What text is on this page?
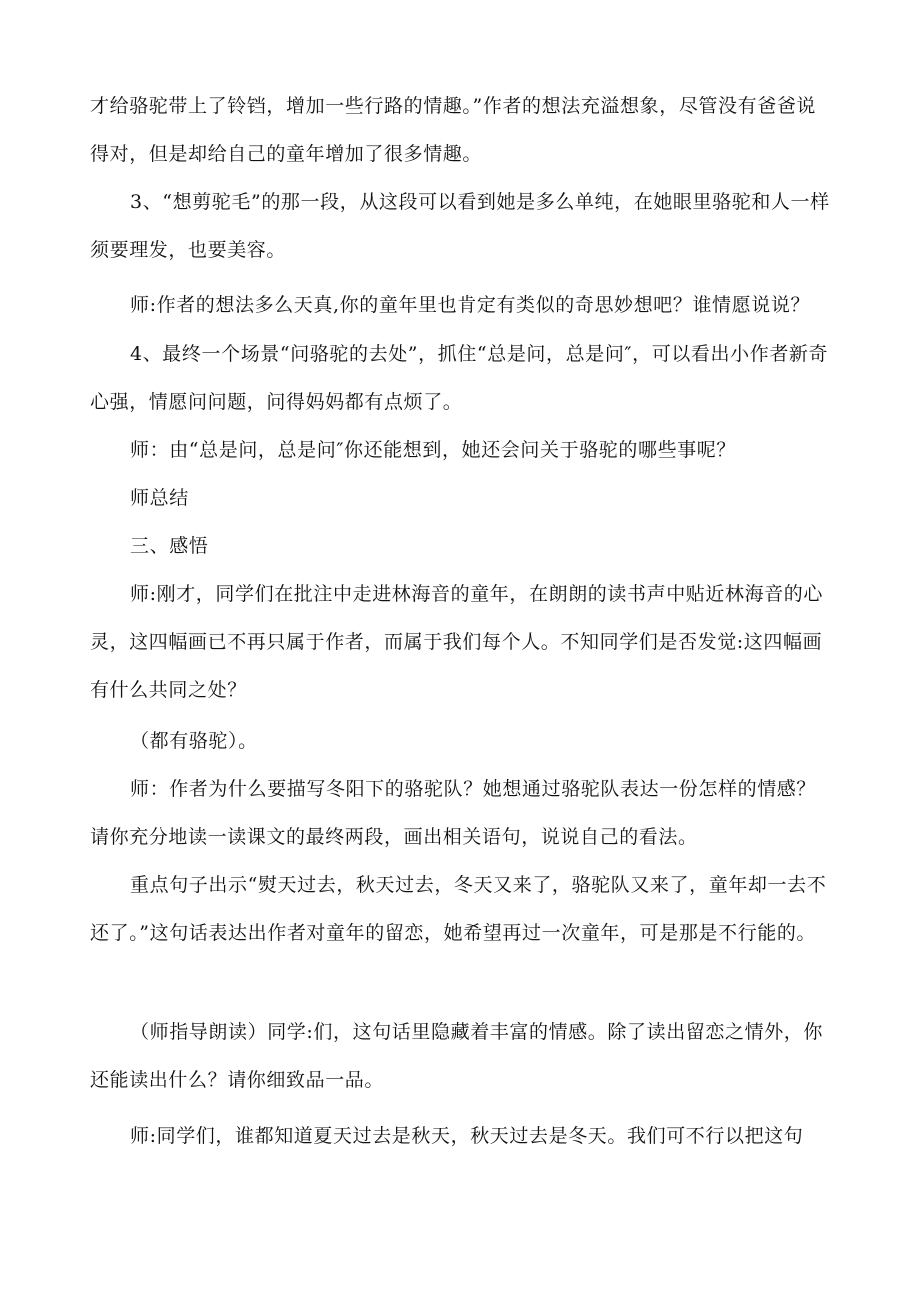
才给骆驼带上了铃铛，增加一些行路的情趣。”作者的想法充溢想象，尽管没有爸爸说得对，但是却给自己的童年增加了很多情趣。

3、“想剪驼毛”的那一段，从这段可以看到她是多么单纯，在她眼里骆驼和人一样须要理发，也要美容。

师:作者的想法多么天真,你的童年里也肯定有类似的奇思妙想吧？谁情愿说说？

4、最终一个场景“问骆驼的去处”，抓住“总是问，总是问″，可以看出小作者新奇心强，情愿问问题，问得妈妈都有点烦了。

师：由“总是问，总是问″你还能想到，她还会问关于骆驼的哪些事呢？

师总结

三、感悟

师:刚才，同学们在批注中走进林海音的童年，在朗朗的读书声中贴近林海音的心灵，这四幅画已不再只属于作者，而属于我们每个人。不知同学们是否发觉:这四幅画有什么共同之处？

（都有骆驼）。

师：作者为什么要描写冬阳下的骆驼队？她想通过骆驼队表达一份怎样的情感？请你充分地读一读课文的最终两段，画出相关语句，说说自己的看法。

重点句子出示“熨天过去，秋天过去，冬天又来了，骆驼队又来了，童年却一去不还了。”这句话表达出作者对童年的留恋，她希望再过一次童年，可是那是不行能的。

（师指导朗读）同学:们，这句话里隐藏着丰富的情感。除了读出留恋之情外，你还能读出什么？请你细致品一品。

师:同学们，谁都知道夏天过去是秋天，秋天过去是冬天。我们可不行以把这句
